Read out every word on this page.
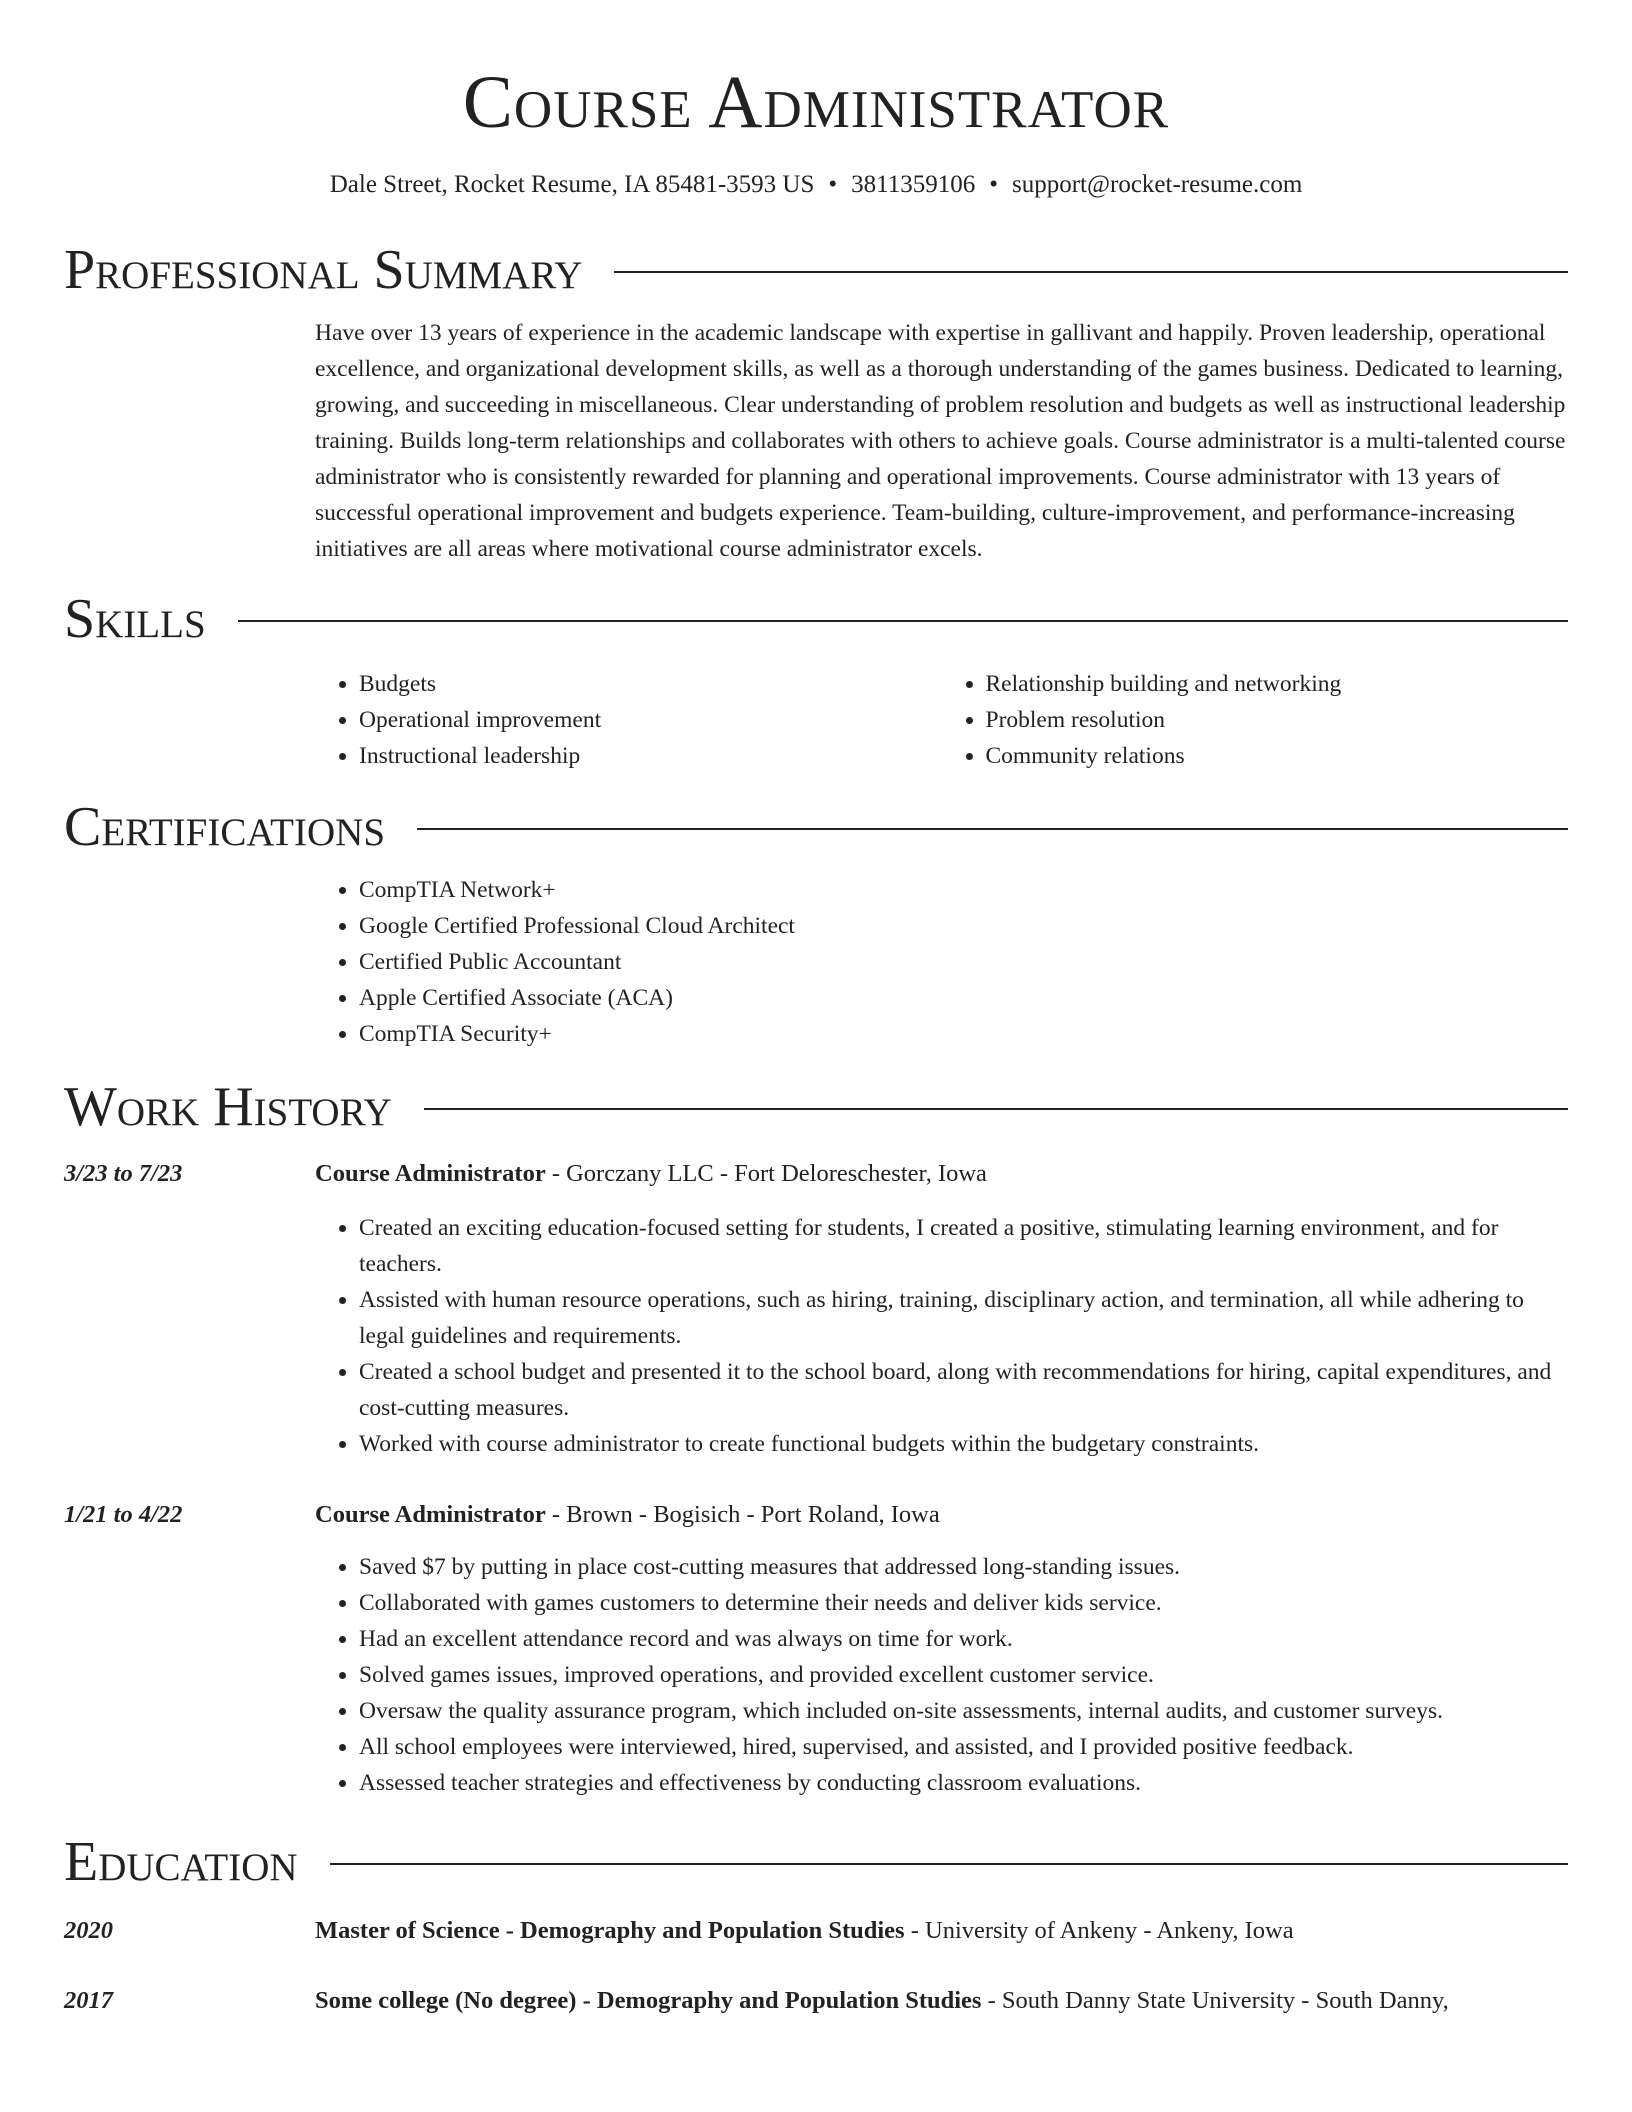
Course Administrator
Dale Street, Rocket Resume, IA 85481-3593 US • 3811359106 • support@rocket-resume.com
Professional Summary

Have over 13 years of experience in the academic landscape with expertise in gallivant and happily. Proven leadership, operational excellence, and organizational development skills, as well as a thorough understanding of the games business. Dedicated to learning, growing, and succeeding in miscellaneous. Clear understanding of problem resolution and budgets as well as instructional leadership training. Builds long-term relationships and collaborates with others to achieve goals. Course administrator is a multi-talented course administrator who is consistently rewarded for planning and operational improvements. Course administrator with 13 years of successful operational improvement and budgets experience. Team-building, culture-improvement, and performance-increasing initiatives are all areas where motivational course administrator excels.

Skills
• Budgets
• Operational improvement
• Instructional leadership
• Relationship building and networking
• Problem resolution
• Community relations
Certifications
• CompTIA Network+
• Google Certified Professional Cloud Architect
• Certified Public Accountant
• Apple Certified Associate (ACA)
• CompTIA Security+
Work History
3/23 to 7/23	Course Administrator - Gorczany LLC - Fort Deloreschester, Iowa
• Created an exciting education-focused setting for students, I created a positive, stimulating learning environment, and for teachers.
• Assisted with human resource operations, such as hiring, training, disciplinary action, and termination, all while adhering to legal guidelines and requirements.
• Created a school budget and presented it to the school board, along with recommendations for hiring, capital expenditures, and cost-cutting measures.
• Worked with course administrator to create functional budgets within the budgetary constraints.
1/21 to 4/22	Course Administrator - Brown - Bogisich - Port Roland, Iowa
• Saved $7 by putting in place cost-cutting measures that addressed long-standing issues.
• Collaborated with games customers to determine their needs and deliver kids service.
• Had an excellent attendance record and was always on time for work.
• Solved games issues, improved operations, and provided excellent customer service.
• Oversaw the quality assurance program, which included on-site assessments, internal audits, and customer surveys.
• All school employees were interviewed, hired, supervised, and assisted, and I provided positive feedback.
• Assessed teacher strategies and effectiveness by conducting classroom evaluations.
Education
2020	Master of Science - Demography and Population Studies - University of Ankeny - Ankeny, Iowa
2017	Some college (No degree) - Demography and Population Studies - South Danny State University - South Danny,
